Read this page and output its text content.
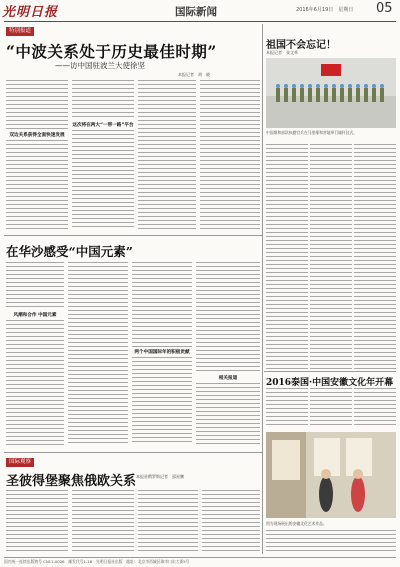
光明日报	国际新闻	2016年6月19日　星期日 05
特别报道
“中波关系处于历史最佳时期”
——访中国驻波兰大使徐坚
本报记者　胡　晓
双边关系获得全面快速发展
这次将在两大“一带一路”平台
在华沙感受“中国元素”
风潮和合作 中国元素
两个中国国际年的积极贡献
相关报道
国际观察
圣彼得堡聚焦俄欧关系 本报驻俄罗斯记者　邵星鹏
祖国不会忘记！
本报记者　张文革
中国维和部队执勤官兵在马里维和营地举行缅怀仪式。
2016泰国·中国安徽文化年开幕
图为现场展出的安徽文化艺术作品。
国内统一连续出版物号 CN11-0026　邮发代号1-16　光明日报社出版　地址：北京市西城区珠市口东大街5号
